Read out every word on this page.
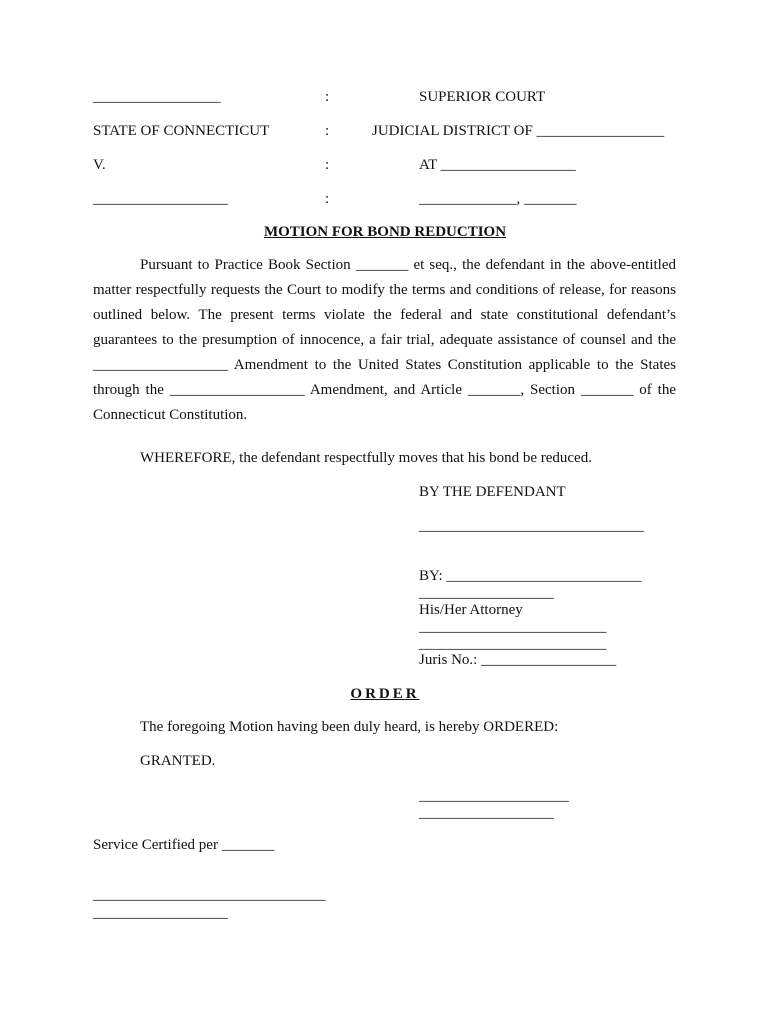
_________________	:	SUPERIOR COURT
STATE OF CONNECTICUT	:	JUDICIAL DISTRICT OF _________________
V.	:	AT __________________
__________________	:	_____________, _______
MOTION FOR BOND REDUCTION

Pursuant to Practice Book Section _______ et seq., the defendant in the above-entitled matter respectfully requests the Court to modify the terms and conditions of release, for reasons outlined below. The present terms violate the federal and state constitutional defendant’s guarantees to the presumption of innocence, a fair trial, adequate assistance of counsel and the __________________ Amendment to the United States Constitution applicable to the States through the __________________ Amendment, and Article _______, Section _______ of the Connecticut Constitution.

WHEREFORE, the defendant respectfully moves that his bond be reduced.
BY THE DEFENDANT
______________________________
BY: __________________________
__________________
His/Her Attorney
_________________________
_________________________
Juris No.: __________________
ORDER
The foregoing Motion having been duly heard, is hereby ORDERED:
GRANTED.
____________________
__________________
Service Certified per _______
_______________________________
__________________
